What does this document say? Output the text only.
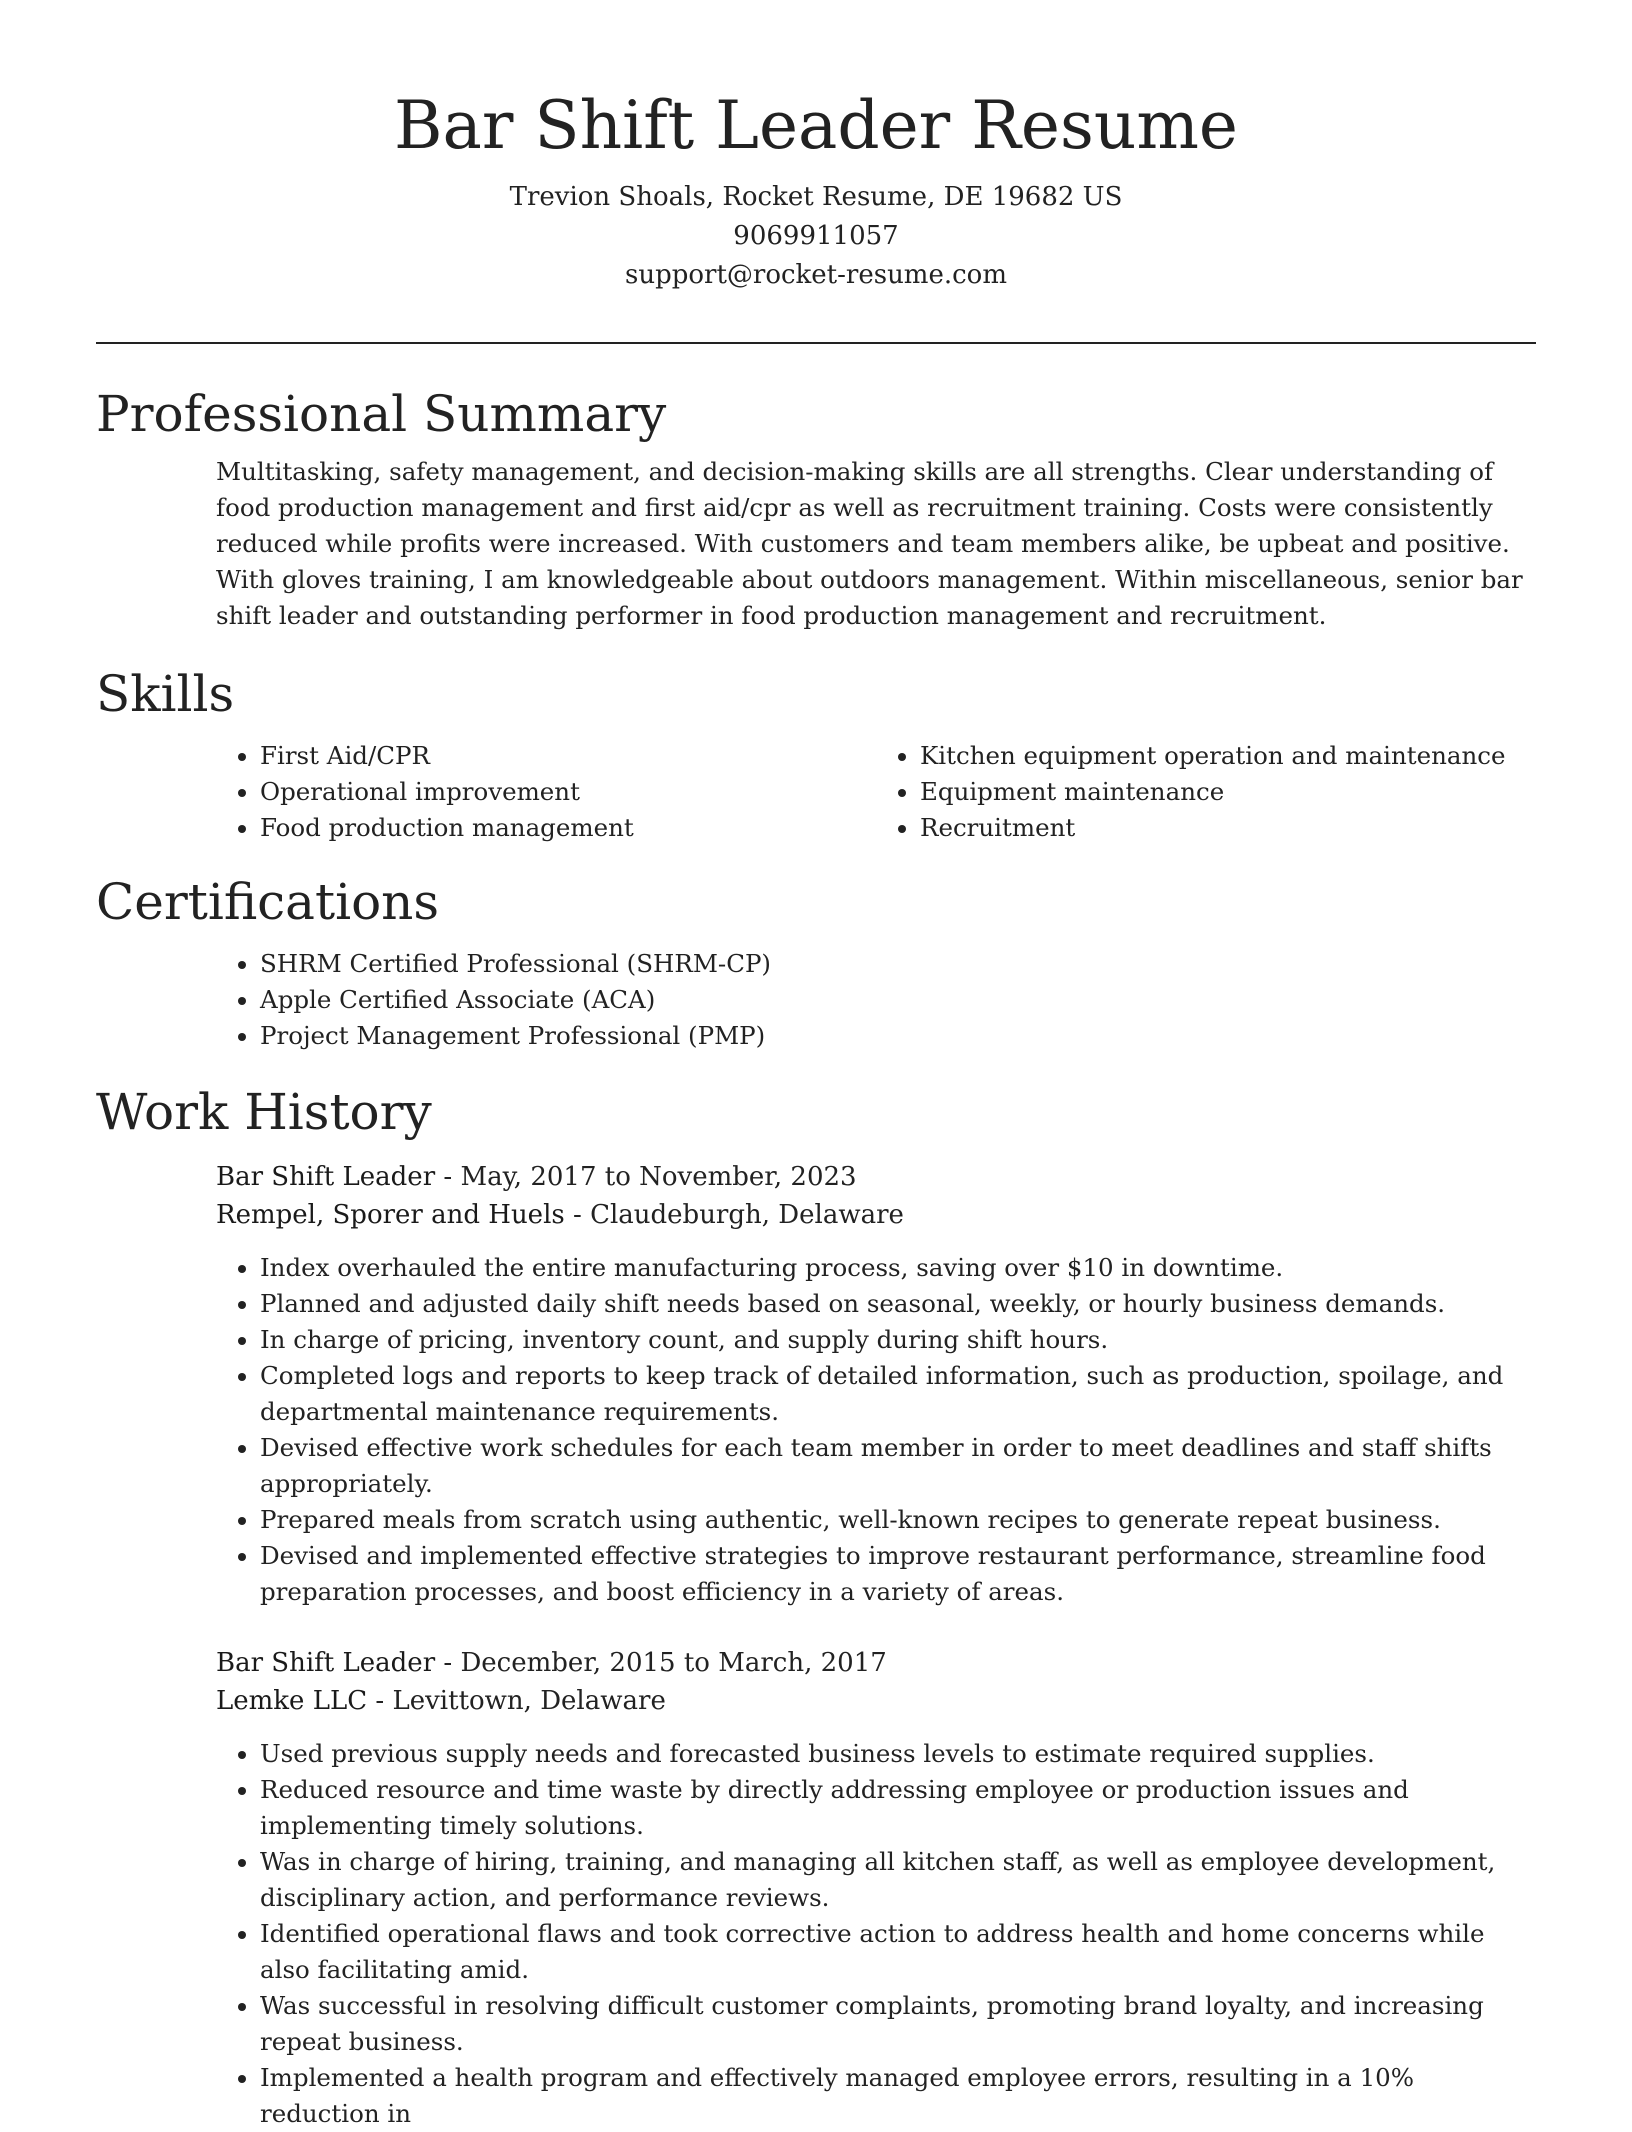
Bar Shift Leader Resume
Trevion Shoals, Rocket Resume, DE 19682 US
9069911057
support@rocket-resume.com
Professional Summary

Multitasking, safety management, and decision-making skills are all strengths. Clear understanding of food production management and first aid/cpr as well as recruitment training. Costs were consistently reduced while profits were increased. With customers and team members alike, be upbeat and positive. With gloves training, I am knowledgeable about outdoors management. Within miscellaneous, senior bar shift leader and outstanding performer in food production management and recruitment.

Skills
• First Aid/CPR
• Operational improvement
• Food production management
• Kitchen equipment operation and maintenance
• Equipment maintenance
• Recruitment
Certifications
• SHRM Certified Professional (SHRM-CP)
• Apple Certified Associate (ACA)
• Project Management Professional (PMP)
Work History
Bar Shift Leader - May, 2017 to November, 2023
Rempel, Sporer and Huels - Claudeburgh, Delaware
• Index overhauled the entire manufacturing process, saving over $10 in downtime.
• Planned and adjusted daily shift needs based on seasonal, weekly, or hourly business demands.
• In charge of pricing, inventory count, and supply during shift hours.
• Completed logs and reports to keep track of detailed information, such as production, spoilage, and departmental maintenance requirements.
• Devised effective work schedules for each team member in order to meet deadlines and staff shifts appropriately.
• Prepared meals from scratch using authentic, well-known recipes to generate repeat business.
• Devised and implemented effective strategies to improve restaurant performance, streamline food preparation processes, and boost efficiency in a variety of areas.
Bar Shift Leader - December, 2015 to March, 2017
Lemke LLC - Levittown, Delaware
• Used previous supply needs and forecasted business levels to estimate required supplies.
• Reduced resource and time waste by directly addressing employee or production issues and implementing timely solutions.
• Was in charge of hiring, training, and managing all kitchen staff, as well as employee development, disciplinary action, and performance reviews.
• Identified operational flaws and took corrective action to address health and home concerns while also facilitating amid.
• Was successful in resolving difficult customer complaints, promoting brand loyalty, and increasing repeat business.
• Implemented a health program and effectively managed employee errors, resulting in a 10% reduction in
